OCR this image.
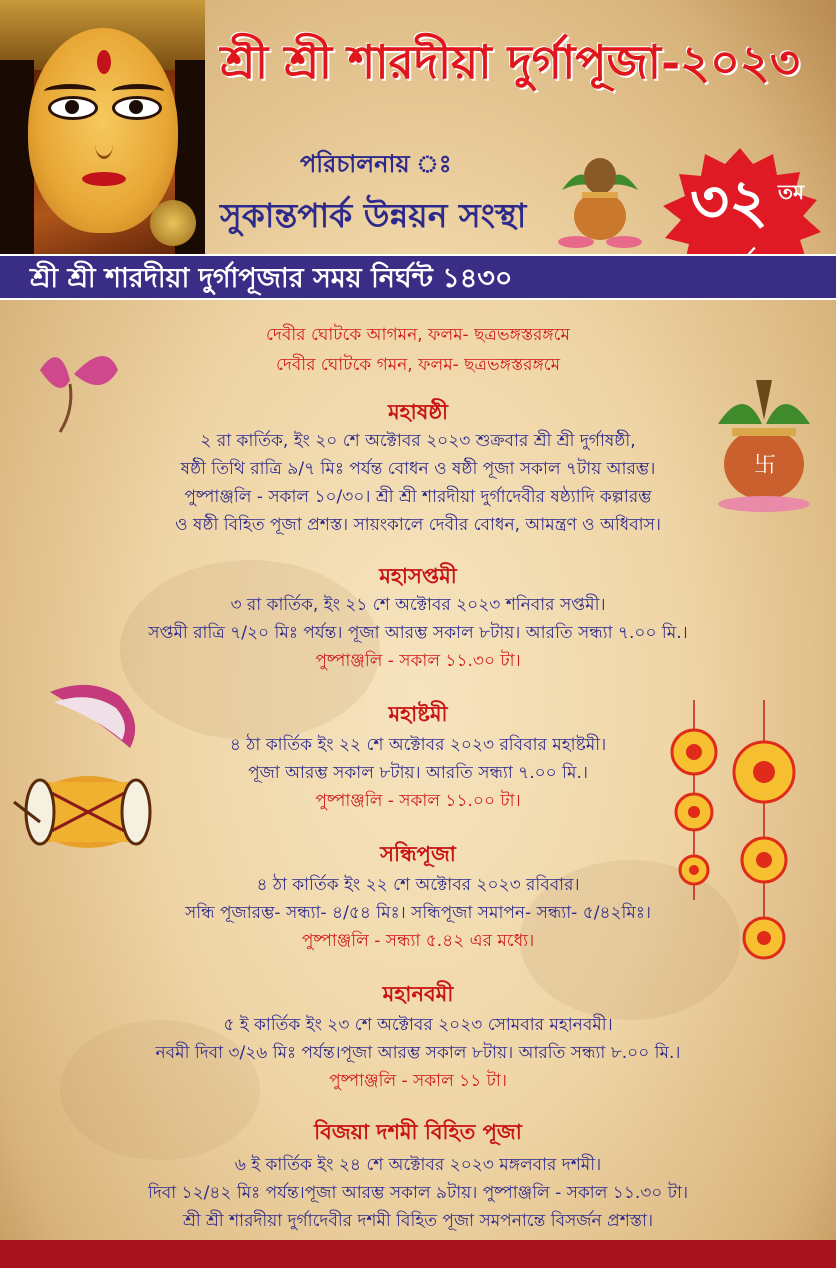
শ্রী শ্রী শারদীয়া দুর্গাপূজা-২০২৩
পরিচালনায় ঃ
সুকান্তপার্ক উন্নয়ন সংস্থা	৩২ তম
শ্রী শ্রী শারদীয়া দুর্গাপূজার সময় নির্ঘন্ট ১৪৩০
দেবীর ঘোটকে আগমন, ফলম- ছত্রভঙ্গস্তরঙ্গমে
দেবীর ঘোটকে গমন, ফলম- ছত্রভঙ্গস্তরঙ্গমে
卐
মহাষষ্ঠী
২ রা কার্তিক, ইং ২০ শে অক্টোবর ২০২৩ শুক্রবার শ্রী শ্রী দুর্গাষষ্ঠী,
ষষ্ঠী তিথি রাত্রি ৯/৭ মিঃ পর্যন্ত বোধন ও ষষ্ঠী পূজা সকাল ৭টায় আরম্ভ।
পুষ্পাঞ্জলি - সকাল ১০/৩০। শ্রী শ্রী শারদীয়া দুর্গাদেবীর ষষ্ঠ্যাদি কল্পারম্ভ
ও ষষ্ঠী বিহিত পূজা প্রশস্ত। সায়ংকালে দেবীর বোধন, আমন্ত্রণ ও অধিবাস।
মহাসপ্তমী
৩ রা কার্তিক, ইং ২১ শে অক্টোবর ২০২৩ শনিবার সপ্তমী।
সপ্তমী রাত্রি ৭/২০ মিঃ পর্যন্ত। পূজা আরম্ভ সকাল ৮টায়। আরতি সন্ধ্যা ৭.০০ মি.।
পুষ্পাঞ্জলি - সকাল ১১.৩০ টা।
মহাষ্টমী
৪ ঠা কার্তিক ইং ২২ শে অক্টোবর ২০২৩ রবিবার মহাষ্টমী।
পূজা আরম্ভ সকাল ৮টায়। আরতি সন্ধ্যা ৭.০০ মি.।
পুষ্পাঞ্জলি - সকাল ১১.০০ টা।
সন্ধিপূজা
৪ ঠা কার্তিক ইং ২২ শে অক্টোবর ২০২৩ রবিবার।
সন্ধি পূজারম্ভ- সন্ধ্যা- ৪/৫৪ মিঃ। সন্ধিপূজা সমাপন- সন্ধ্যা- ৫/৪২মিঃ।
পুষ্পাঞ্জলি - সন্ধ্যা ৫.৪২ এর মধ্যে।
মহানবমী
৫ ই কার্তিক ইং ২৩ শে অক্টোবর ২০২৩ সোমবার মহানবমী।
নবমী দিবা ৩/২৬ মিঃ পর্যন্ত।পূজা আরম্ভ সকাল ৮টায়। আরতি সন্ধ্যা ৮.০০ মি.।
পুষ্পাঞ্জলি - সকাল ১১ টা।
বিজয়া দশমী বিহিত পূজা
৬ ই কার্তিক ইং ২৪ শে অক্টোবর ২০২৩ মঙ্গলবার দশমী।
দিবা ১২/৪২ মিঃ পর্যন্ত।পূজা আরম্ভ সকাল ৯টায়। পুষ্পাঞ্জলি - সকাল ১১.৩০ টা।
শ্রী শ্রী শারদীয়া দুর্গাদেবীর দশমী বিহিত পূজা সমপনান্তে বিসর্জন প্রশস্তা।
